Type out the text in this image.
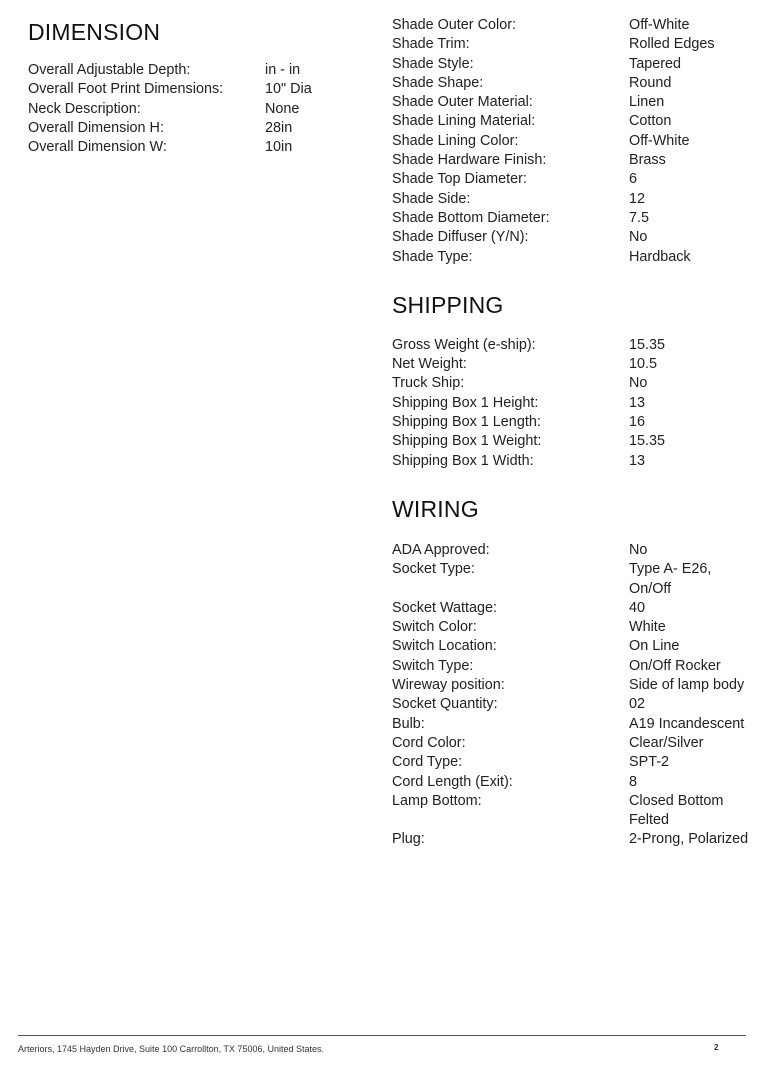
DIMENSION
Overall Adjustable Depth:	in - in
Overall Foot Print Dimensions:	10" Dia
Neck Description:	None
Overall Dimension H:	28in
Overall Dimension W:	10in
Shade Outer Color:	Off-White
Shade Trim:	Rolled Edges
Shade Style:	Tapered
Shade Shape:	Round
Shade Outer Material:	Linen
Shade Lining Material:	Cotton
Shade Lining Color:	Off-White
Shade Hardware Finish:	Brass
Shade Top Diameter:	6
Shade Side:	12
Shade Bottom Diameter:	7.5
Shade Diffuser (Y/N):	No
Shade Type:	Hardback
SHIPPING
Gross Weight (e-ship):	15.35
Net Weight:	10.5
Truck Ship:	No
Shipping Box 1 Height:	13
Shipping Box 1 Length:	16
Shipping Box 1 Weight:	15.35
Shipping Box 1 Width:	13
WIRING
ADA Approved:	No
Socket Type:	Type A- E26, On/Off
Socket Wattage:	40
Switch Color:	White
Switch Location:	On Line
Switch Type:	On/Off Rocker
Wireway position:	Side of lamp body
Socket Quantity:	02
Bulb:	A19 Incandescent
Cord Color:	Clear/Silver
Cord Type:	SPT-2
Cord Length (Exit):	8
Lamp Bottom:	Closed Bottom Felted
Plug:	2-Prong, Polarized
Arteriors, 1745 Hayden Drive, Suite 100 Carrollton, TX 75006, United States.	2
